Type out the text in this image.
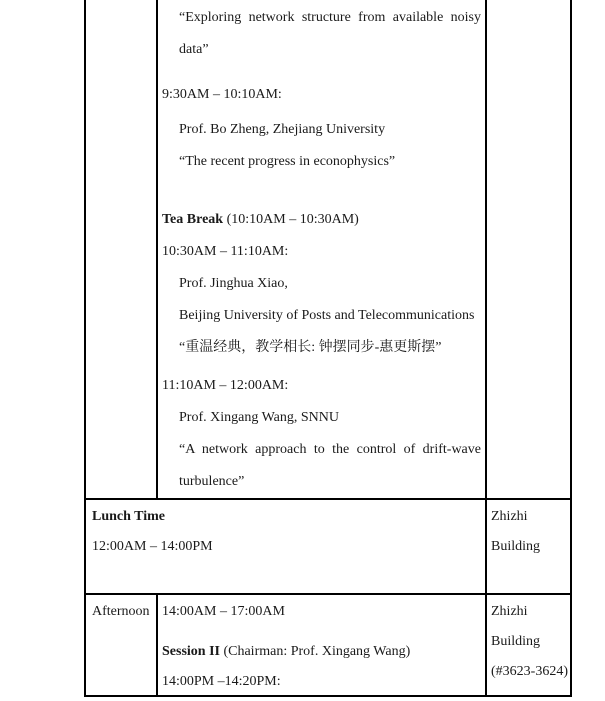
“Exploring network structure from available noisy
data”
9:30AM – 10:10AM:
Prof. Bo Zheng, Zhejiang University
“The recent progress in econophysics”
Tea Break (10:10AM – 10:30AM)
10:30AM – 11:10AM:
Prof. Jinghua Xiao,
Beijing University of Posts and Telecommunications
“重温经典，教学相长: 钟摆同步-惠更斯摆”
11:10AM – 12:00AM:
Prof. Xingang Wang, SNNU
“A network approach to the control of drift-wave
turbulence”
Lunch Time
12:00AM – 14:00PM
Zhizhi
Building
Afternoon 14:00AM – 17:00AM
Session II (Chairman: Prof. Xingang Wang)
14:00PM –14:20PM:
Zhizhi
Building
(#3623-3624)
